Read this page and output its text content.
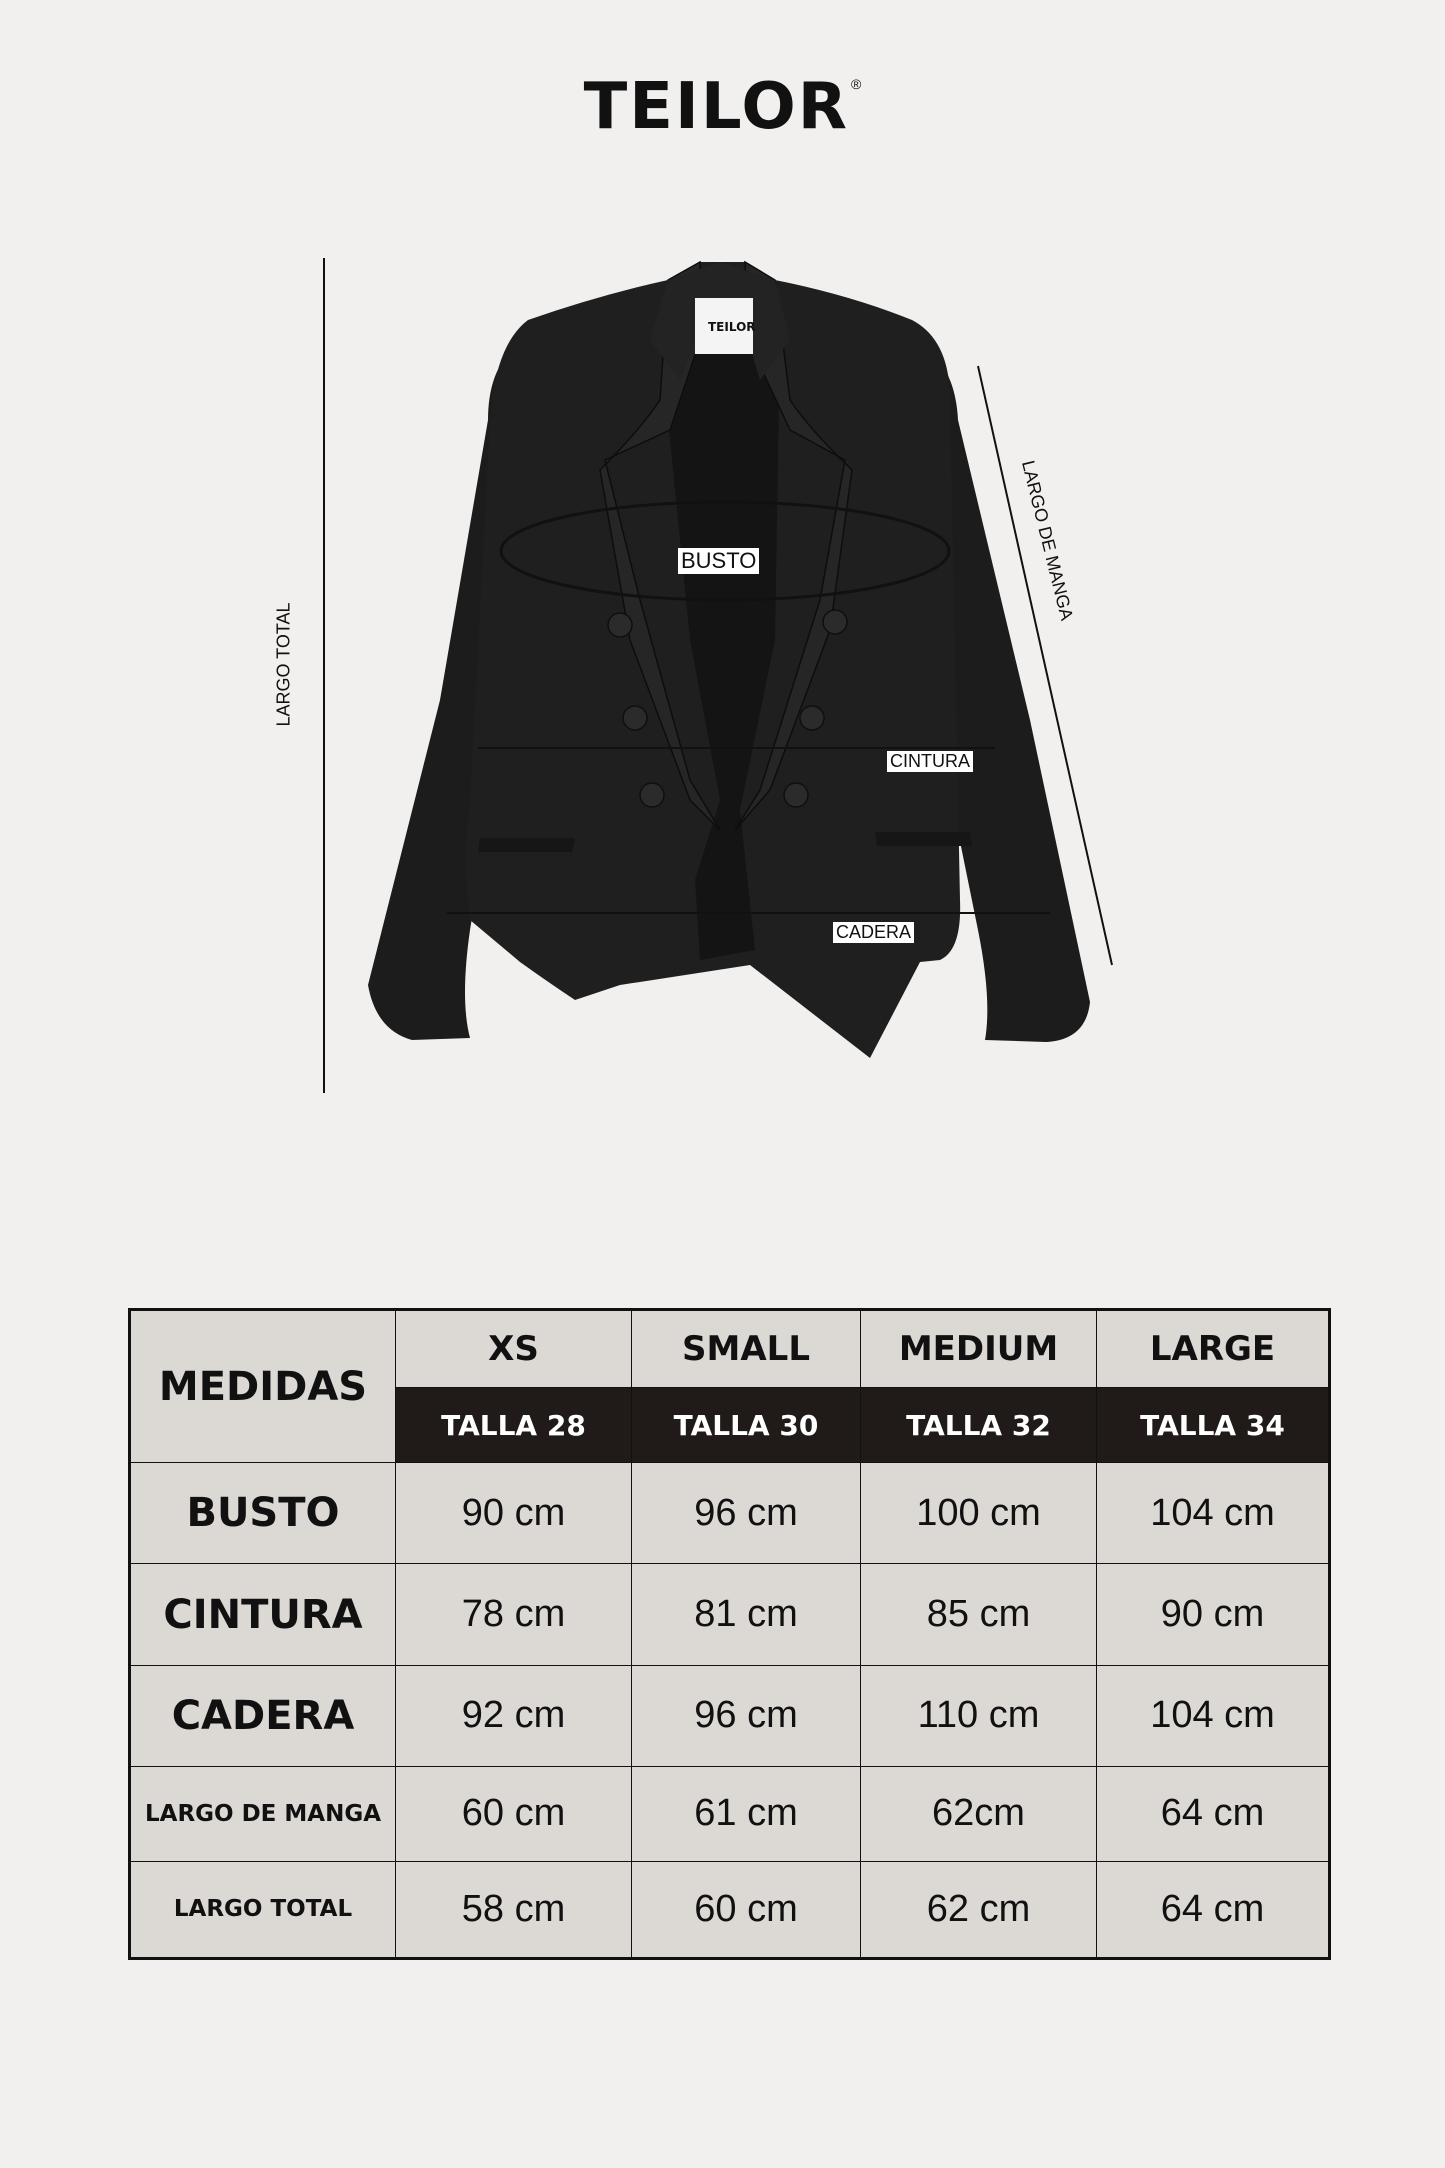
TEILOR ®
TEILOR
LARGO TOTAL
LARGO DE MANGA
BUSTO
CINTURA
CADERA
MEDIDAS	XS	SMALL	MEDIUM	LARGE
	TALLA 28	TALLA 30	TALLA 32	TALLA 34
BUSTO	90 cm	96 cm	100 cm	104 cm
CINTURA	78 cm	81 cm	85 cm	90 cm
CADERA	92 cm	96 cm	110 cm	104 cm
LARGO DE MANGA	60 cm	61 cm	62cm	64 cm
LARGO TOTAL	58 cm	60 cm	62 cm	64 cm
